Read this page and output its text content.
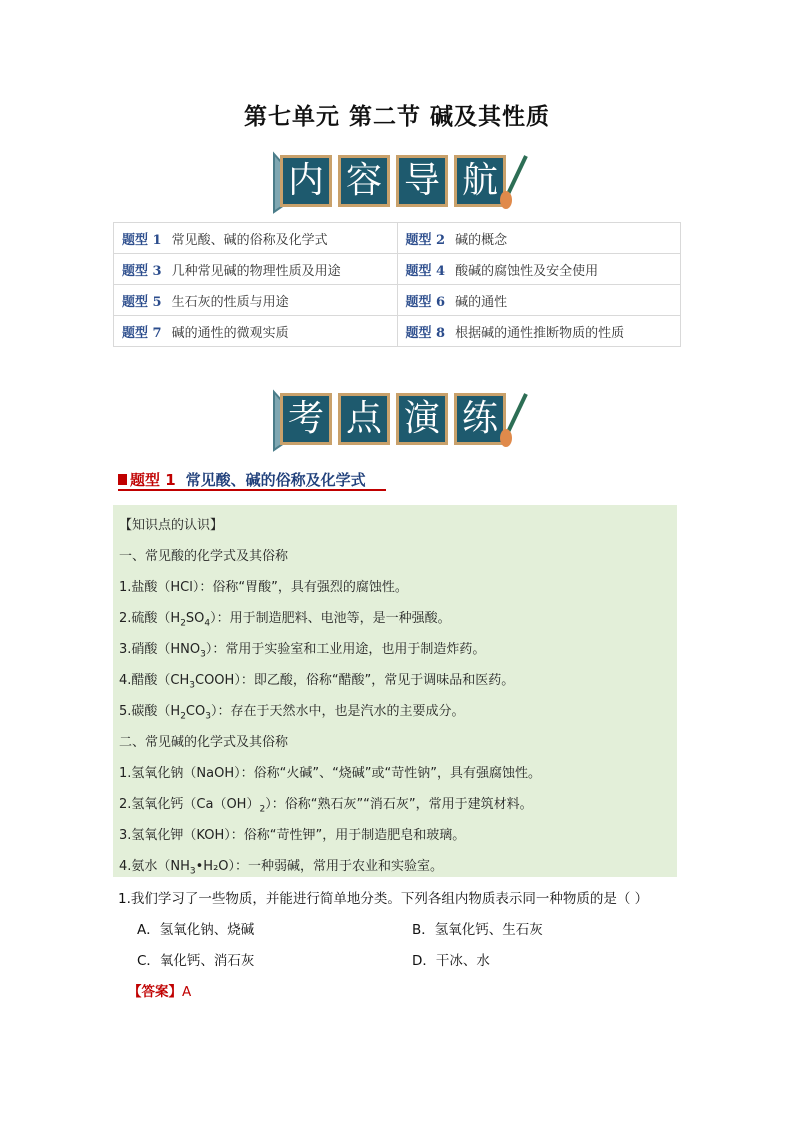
第七单元 第二节 碱及其性质
内 容 导 航
题型 1 常见酸、碱的俗称及化学式	题型 2 碱的概念
题型 3 几种常见碱的物理性质及用途	题型 4 酸碱的腐蚀性及安全使用
题型 5 生石灰的性质与用途	题型 6 碱的通性
题型 7 碱的通性的微观实质	题型 8 根据碱的通性推断物质的性质
考 点 演 练
题型 1 常见酸、碱的俗称及化学式
【知识点的认识】
一、常见酸的化学式及其俗称
1.盐酸（HCl）：俗称“胃酸”，具有强烈的腐蚀性。
2.硫酸$(H_2SO_4)$：用于制造肥料、电池等，是一种强酸。
3.硝酸$(HNO_3)$：常用于实验室和工业用途，也用于制造炸药。
4.醋酸$(CH_3COOH)$：即乙酸，俗称“醋酸”，常见于调味品和医药。
5.碳酸$(H_2CO_3)$：存在于天然水中，也是汽水的主要成分。
二、常见碱的化学式及其俗称
1.氢氧化钠（NaOH）：俗称“火碱”、“烧碱”或“苛性钠”，具有强腐蚀性。
2.氢氧化钙$(Ca(OH)_2)$：俗称“熟石灰”“消石灰”，常用于建筑材料。
3.氢氧化钾（KOH）：俗称“苛性钾”，用于制造肥皂和玻璃。
4.氨水$(NH_3•H_2O)$：一种弱碱，常用于农业和实验室。
1.我们学习了一些物质，并能进行简单地分类。下列各组内物质表示同一种物质的是（ ）
A．氢氧化钠、烧碱	B．氢氧化钙、生石灰
C．氧化钙、消石灰	D．干冰、水
【答案】A
